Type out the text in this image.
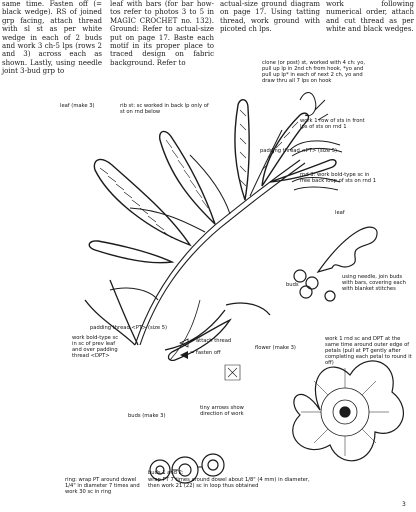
same time. Fasten off (= black wedge). RS of joined grp facing, attach thread with sl st as per white wedge in each of 2 buds and work 3 ch-5 lps (rows 2 and 3) across each as shown. Lastly, using needle joint 3-bud grp to
leaf with bars (for bar how-tos refer to photos 3 to 5 in MAGIC CROCHET no. 132). Ground: Refer to actual-size put on page 17. Baste each motif in its proper place to traced design on fabric background. Refer to
actual-size ground diagram on page 17. Using tatting thread, work ground with picoted ch lps.
work following numerical order, attach and cut thread as per white and black wedges.
leaf (make 3)	rib st: sc worked in back lp only of st on rnd below
clone (or post) st, worked with 4 ch: yo, pull up lp in 2nd ch from hook, *yo and pull up lp* in each of next 2 ch, yo and draw thru all 7 lps on hook
work 1 row of sts in front lps of sts on rnd 1
padding thread <PT> (size 5)
rnd 3: work bold-type sc in free back loop of sts on rnd 1
leaf
using needle, join buds with bars, covering each with blanket stitches
buds
padding thread <PT> (size 5)
work bold-type sc in sc of prev leaf and over padding thread <DPT>
= attach thread
= fasten off
flower (make 3)
work 1 rnd sc and DPT at the same time around outer edge of petals (pull at PT gently after completing each petal to round it off)
buds (make 3)
tiny arrows show direction of work
ring: wrap PT around dowel 1/4" in diameter 7 times and work 30 sc in ring
buds 1 and 2:
wrap PT 7 times around dowel about 1/8" (4 mm) in diameter, then work 21 (22) sc in loop thus obtained
3
